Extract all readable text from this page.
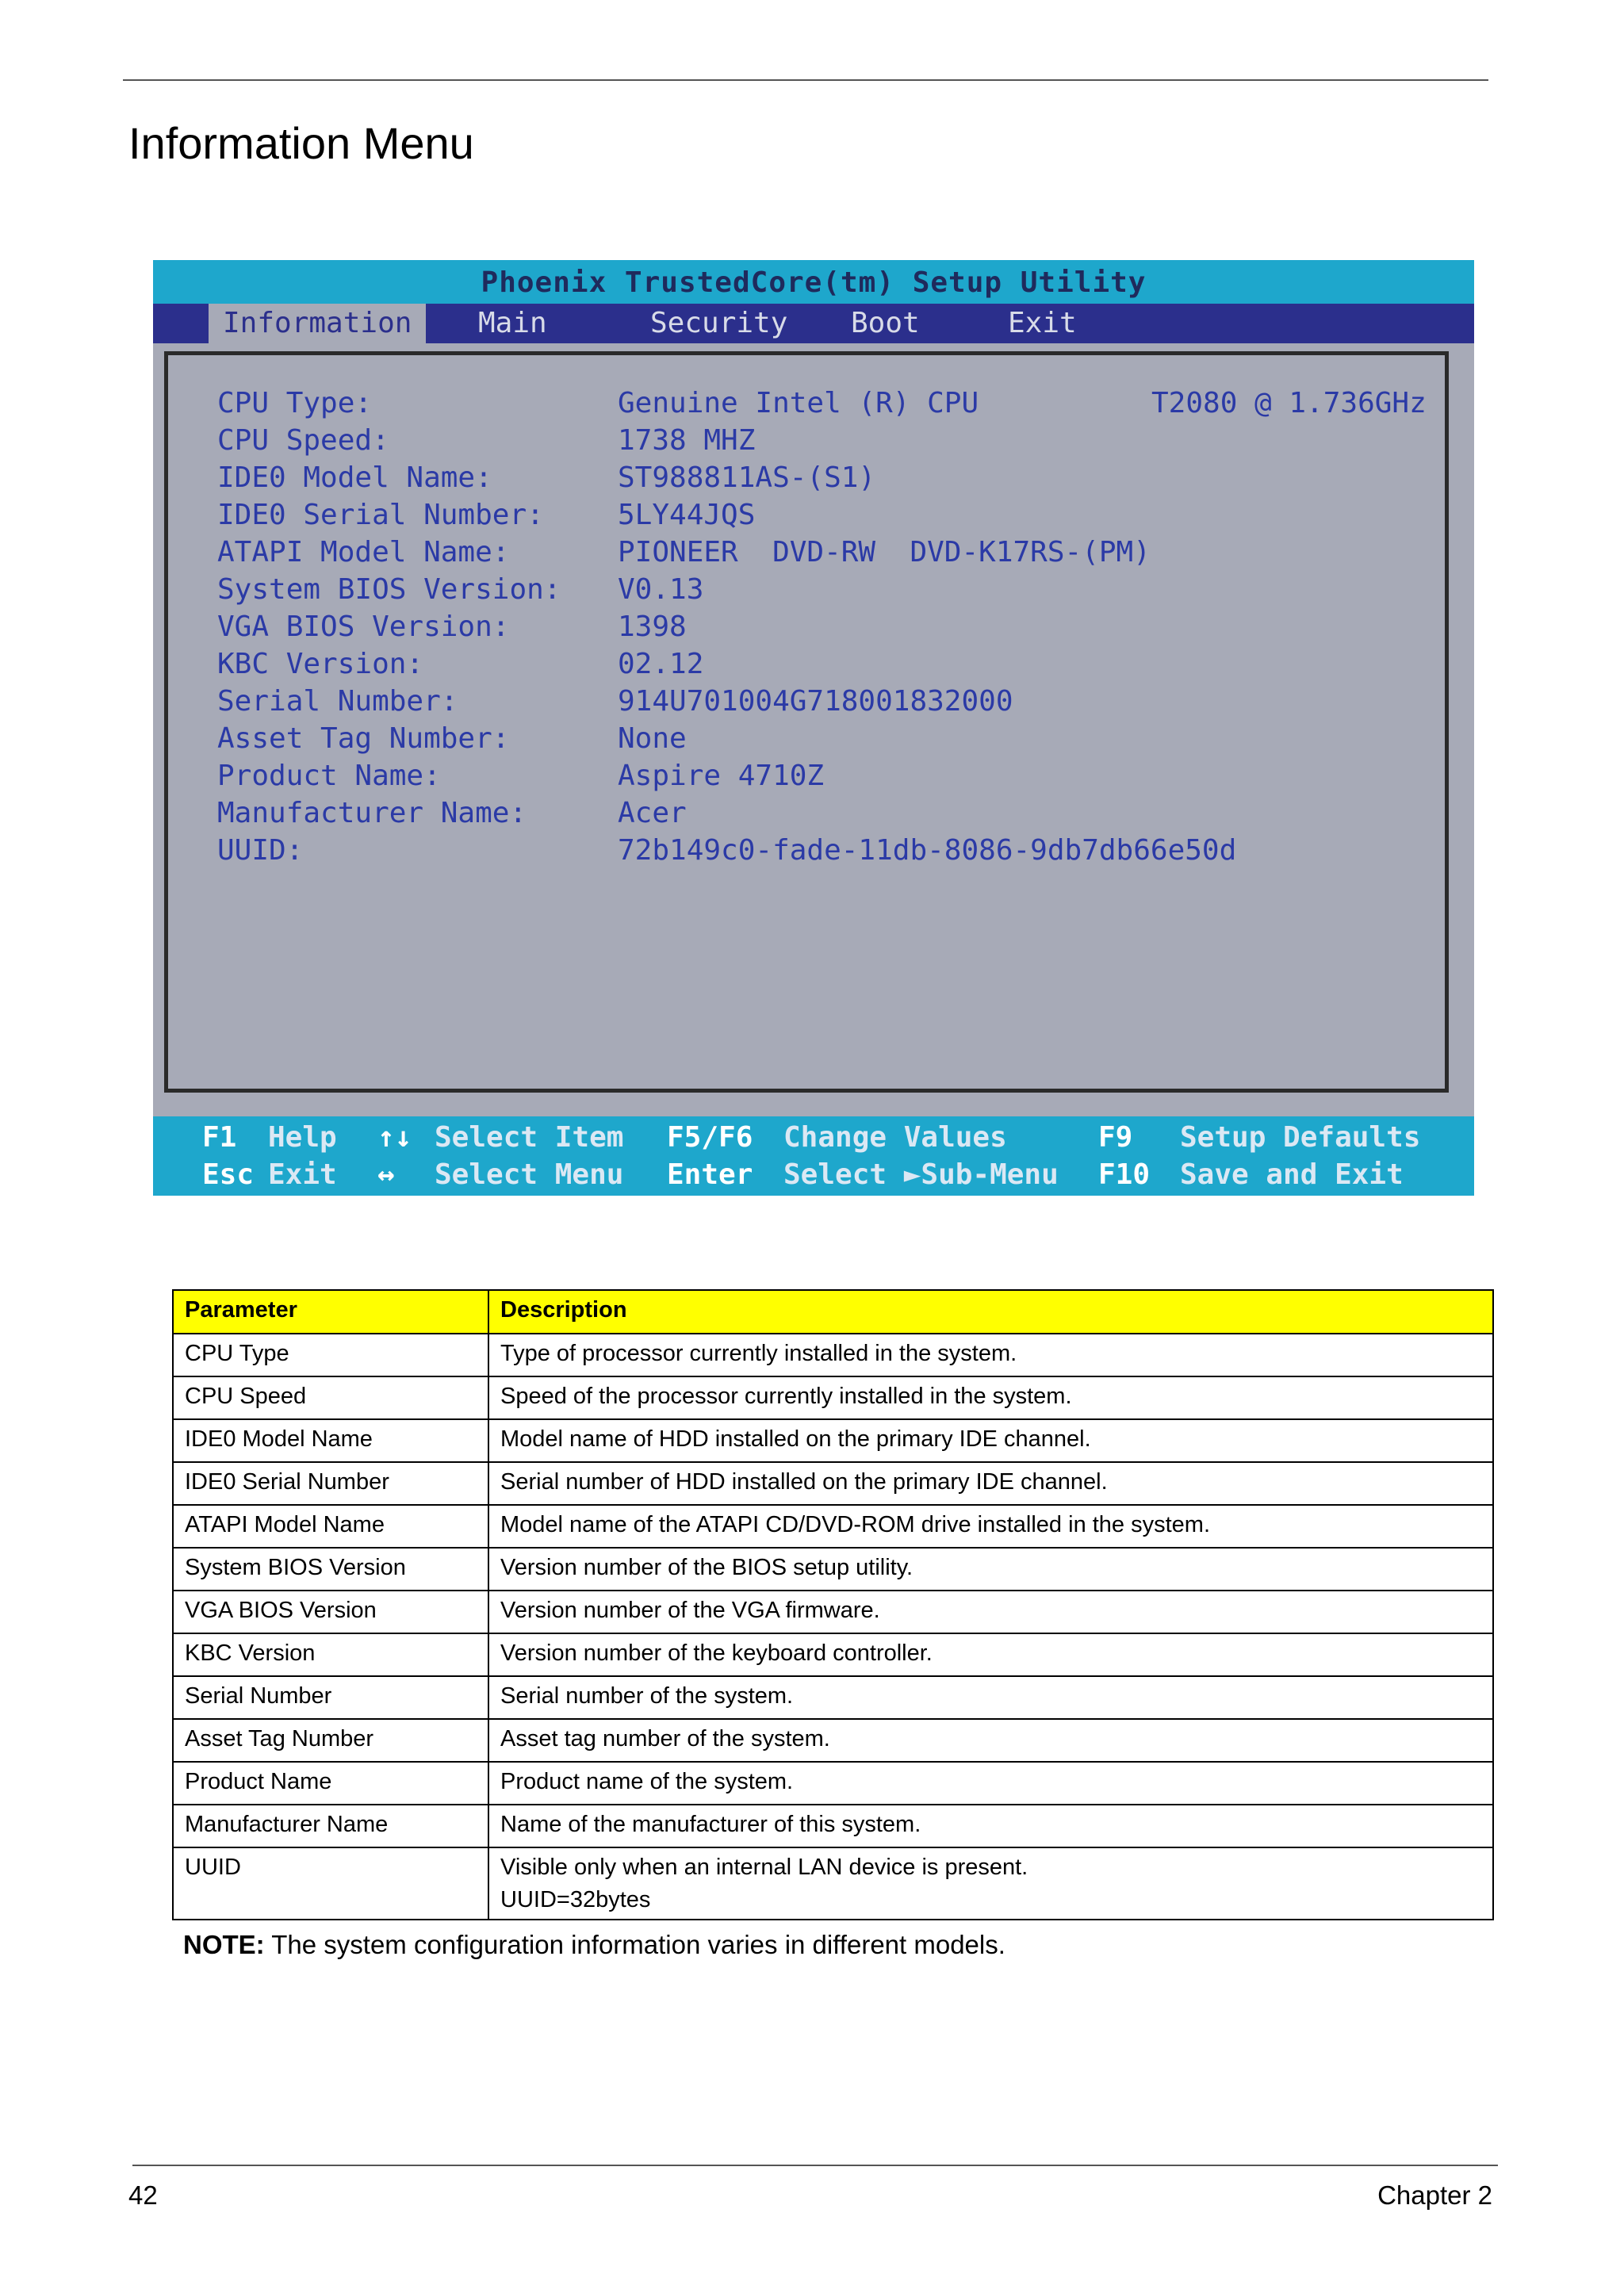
Information Menu
Phoenix TrustedCore(tm) Setup Utility
Information	Main	Security Boot	Exit
CPU Type:	Genuine Intel (R) CPU	T2080 @ 1.736GHz
CPU Speed:	1738 MHZ
IDE0 Model Name:	ST988811AS-(S1)
IDE0 Serial Number:	5LY44JQS
ATAPI Model Name:	PIONEER  DVD-RW  DVD-K17RS-(PM)
System BIOS Version: V0.13
VGA BIOS Version:	1398
KBC Version:	02.12
Serial Number:	914U701004G718001832000
Asset Tag Number:	None
Product Name:	Aspire 4710Z
Manufacturer Name:	Acer
UUID:	72b149c0-fade-11db-8086-9db7db66e50d
F1 Help ↑↓ Select Item F5/F6 Change Values	F9 Setup Defaults
Esc Exit ↔ Select Menu Enter Select ►Sub-Menu F10 Save and Exit
Parameter	Description
CPU Type	Type of processor currently installed in the system.
CPU Speed	Speed of the processor currently installed in the system.
IDE0 Model Name	Model name of HDD installed on the primary IDE channel.
IDE0 Serial Number	Serial number of HDD installed on the primary IDE channel.
ATAPI Model Name	Model name of the ATAPI CD/DVD-ROM drive installed in the system.
System BIOS Version	Version number of the BIOS setup utility.
VGA BIOS Version	Version number of the VGA firmware.
KBC Version	Version number of the keyboard controller.
Serial Number	Serial number of the system.
Asset Tag Number	Asset tag number of the system.
Product Name	Product name of the system.
Manufacturer Name	Name of the manufacturer of this system.
UUID	Visible only when an internal LAN device is present.
UUID=32bytes
NOTE: The system configuration information varies in different models.
42	Chapter 2
